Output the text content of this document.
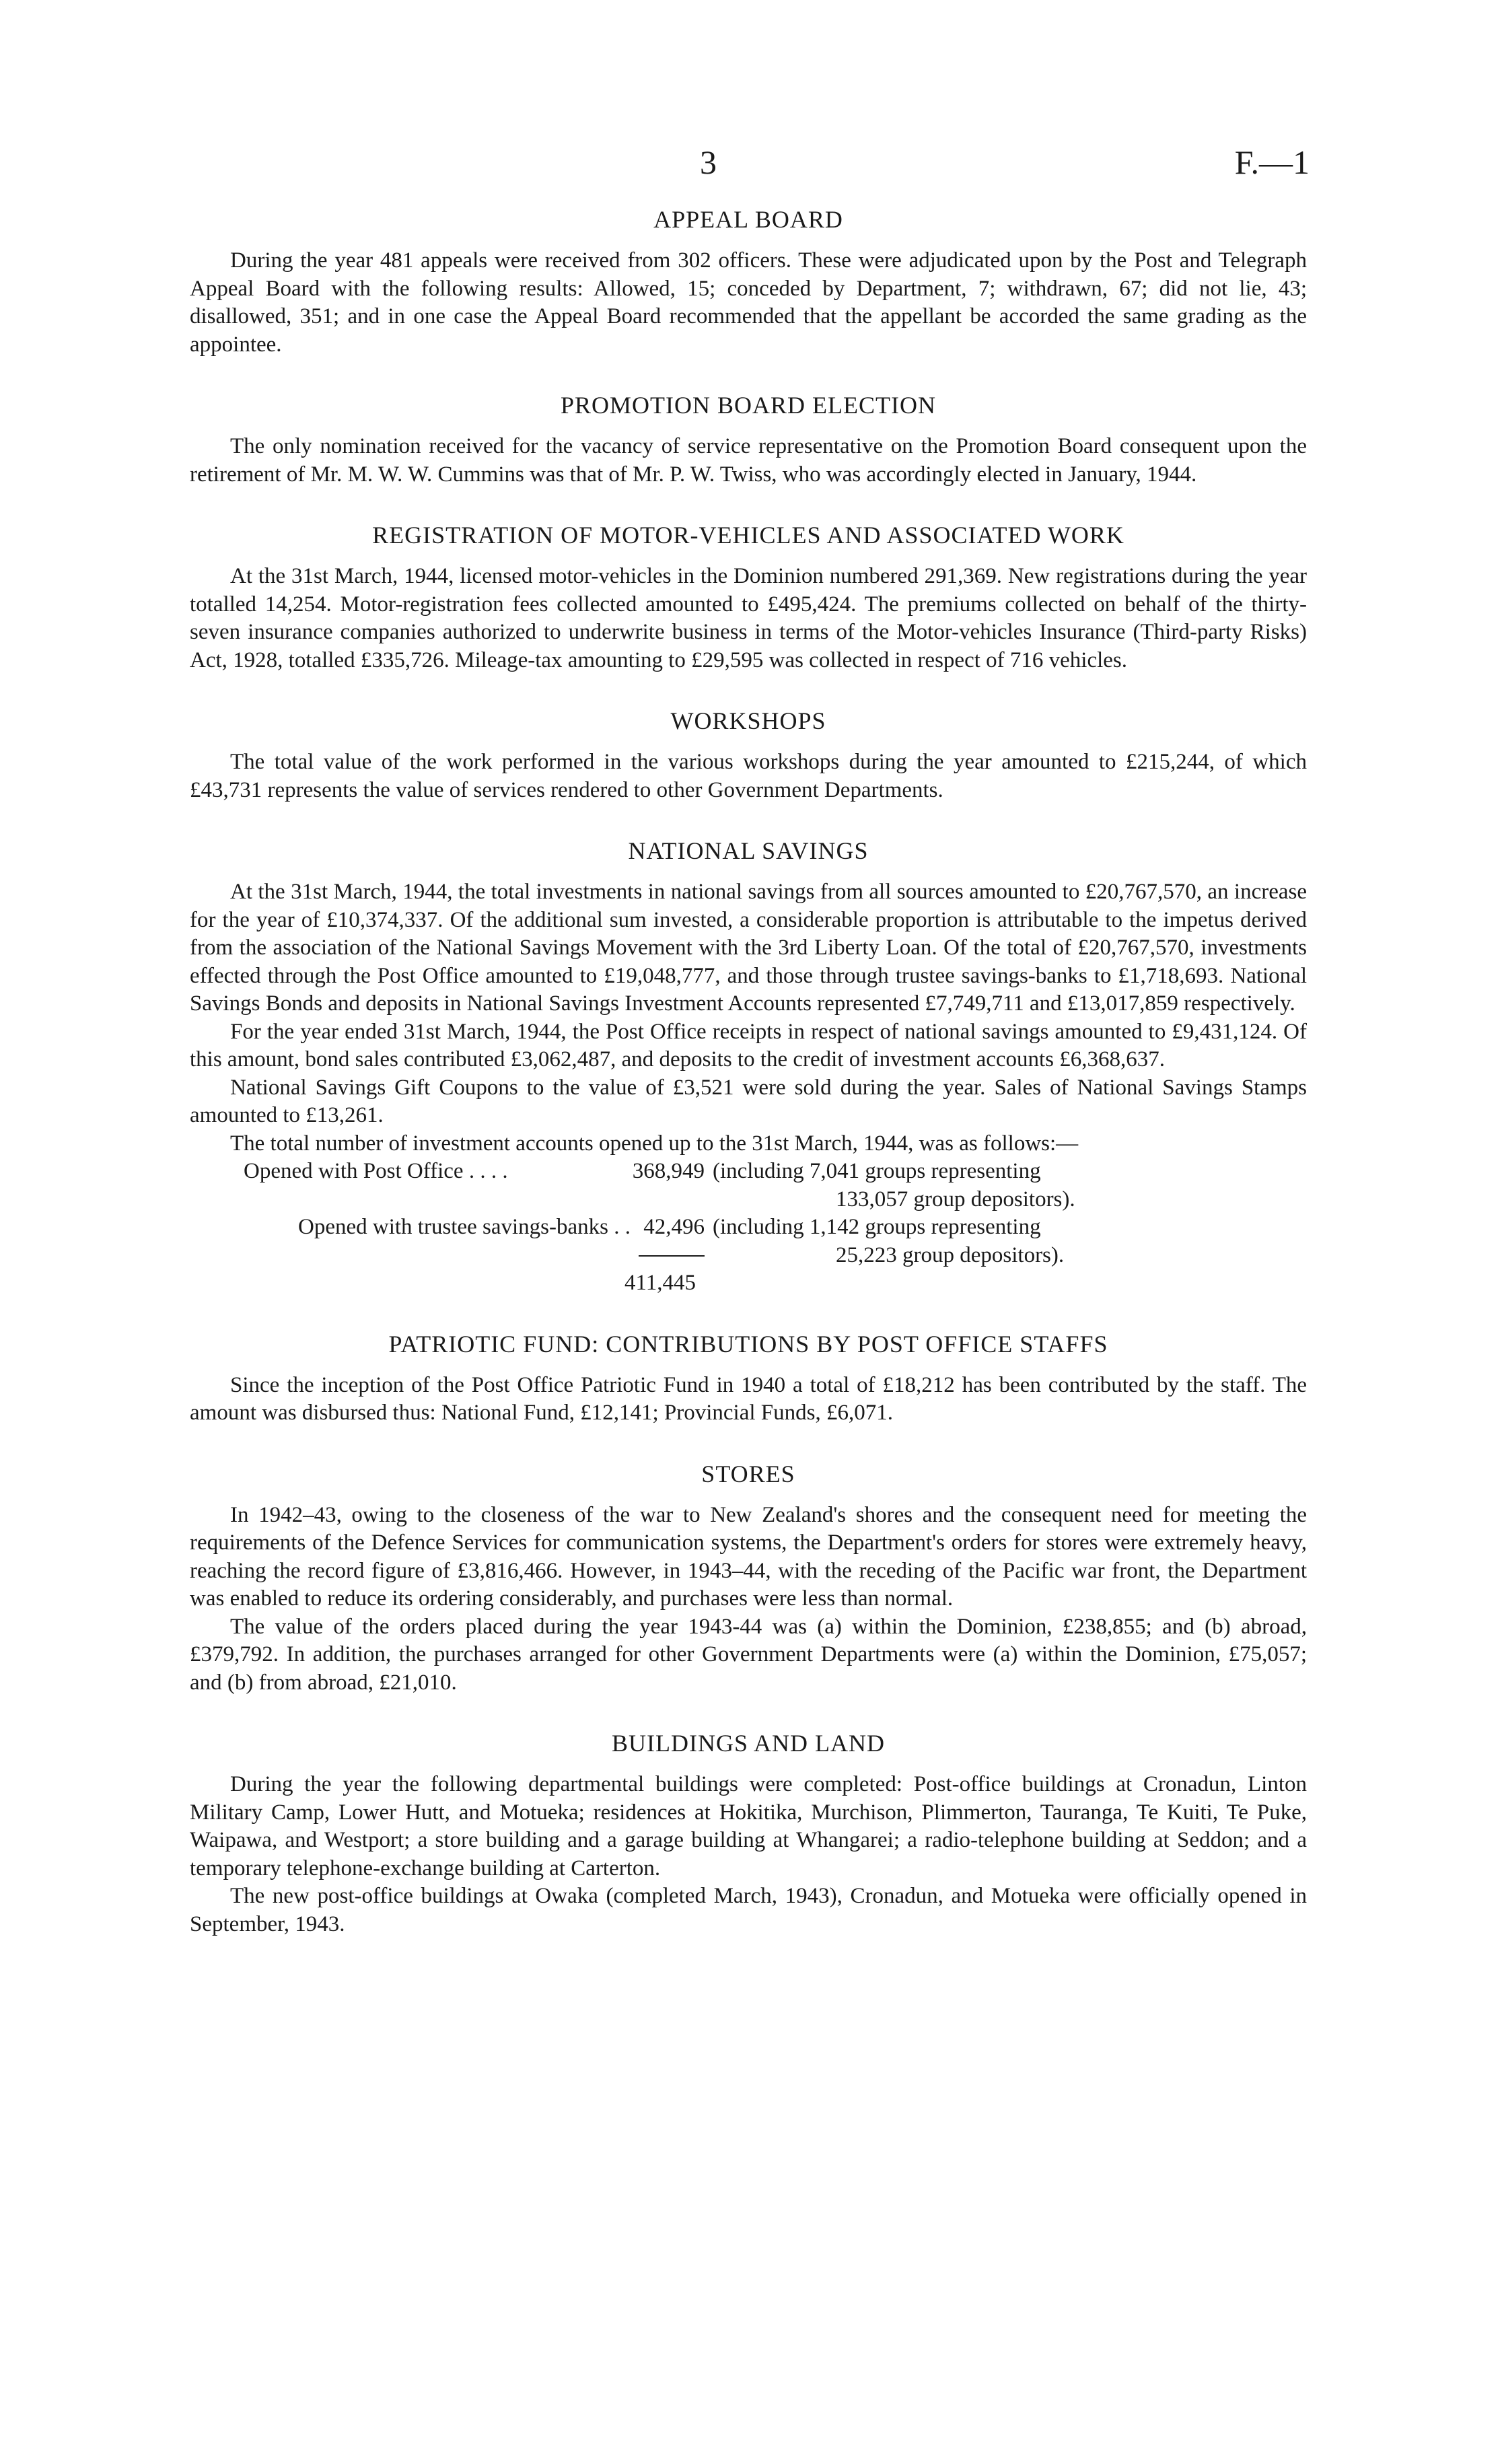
3	F.—1
APPEAL BOARD

During the year 481 appeals were received from 302 officers. These were adjudicated upon by the Post and Telegraph Appeal Board with the following results: Allowed, 15; conceded by Department, 7; withdrawn, 67; did not lie, 43; disallowed, 351; and in one case the Appeal Board recommended that the appellant be accorded the same grading as the appointee.

PROMOTION BOARD ELECTION

The only nomination received for the vacancy of service representative on the Promotion Board consequent upon the retirement of Mr. M. W. W. Cummins was that of Mr. P. W. Twiss, who was accordingly elected in January, 1944.

REGISTRATION OF MOTOR-VEHICLES AND ASSOCIATED WORK

At the 31st March, 1944, licensed motor-vehicles in the Dominion numbered 291,369. New registrations during the year totalled 14,254. Motor-registration fees collected amounted to £495,424. The premiums collected on behalf of the thirty-seven insurance companies authorized to underwrite business in terms of the Motor-vehicles Insurance (Third-party Risks) Act, 1928, totalled £335,726. Mileage-tax amounting to £29,595 was collected in respect of 716 vehicles.

WORKSHOPS

The total value of the work performed in the various workshops during the year amounted to £215,244, of which £43,731 represents the value of services rendered to other Government Departments.

NATIONAL SAVINGS

At the 31st March, 1944, the total investments in national savings from all sources amounted to £20,767,570, an increase for the year of £10,374,337. Of the additional sum invested, a considerable proportion is attributable to the impetus derived from the association of the National Savings Movement with the 3rd Liberty Loan. Of the total of £20,767,570, investments effected through the Post Office amounted to £19,048,777, and those through trustee savings-banks to £1,718,693. National Savings Bonds and deposits in National Savings Investment Accounts represented £7,749,711 and £13,017,859 respectively.

For the year ended 31st March, 1944, the Post Office receipts in respect of national savings amounted to £9,431,124. Of this amount, bond sales contributed £3,062,487, and deposits to the credit of investment accounts £6,368,637.

National Savings Gift Coupons to the value of £3,521 were sold during the year. Sales of National Savings Stamps amounted to £13,261.

The total number of investment accounts opened up to the 31st March, 1944, was as follows:—

Opened with Post Office . . . .	368,949 (including 7,041 groups representing
133,057 group depositors).
Opened with trustee savings-banks . . 42,496 (including 1,142 groups representing
25,223 group depositors).
411,445
PATRIOTIC FUND: CONTRIBUTIONS BY POST OFFICE STAFFS

Since the inception of the Post Office Patriotic Fund in 1940 a total of £18,212 has been contributed by the staff. The amount was disbursed thus: National Fund, £12,141; Provincial Funds, £6,071.

STORES

In 1942–43, owing to the closeness of the war to New Zealand's shores and the consequent need for meeting the requirements of the Defence Services for communication systems, the Department's orders for stores were extremely heavy, reaching the record figure of £3,816,466. However, in 1943–44, with the receding of the Pacific war front, the Department was enabled to reduce its ordering considerably, and purchases were less than normal.

The value of the orders placed during the year 1943-44 was (a) within the Dominion, £238,855; and (b) abroad, £379,792. In addition, the purchases arranged for other Government Departments were (a) within the Dominion, £75,057; and (b) from abroad, £21,010.

BUILDINGS AND LAND

During the year the following departmental buildings were completed: Post-office buildings at Cronadun, Linton Military Camp, Lower Hutt, and Motueka; residences at Hokitika, Murchison, Plimmerton, Tauranga, Te Kuiti, Te Puke, Waipawa, and Westport; a store building and a garage building at Whangarei; a radio-telephone building at Seddon; and a temporary telephone-exchange building at Carterton.

The new post-office buildings at Owaka (completed March, 1943), Cronadun, and Motueka were officially opened in September, 1943.
